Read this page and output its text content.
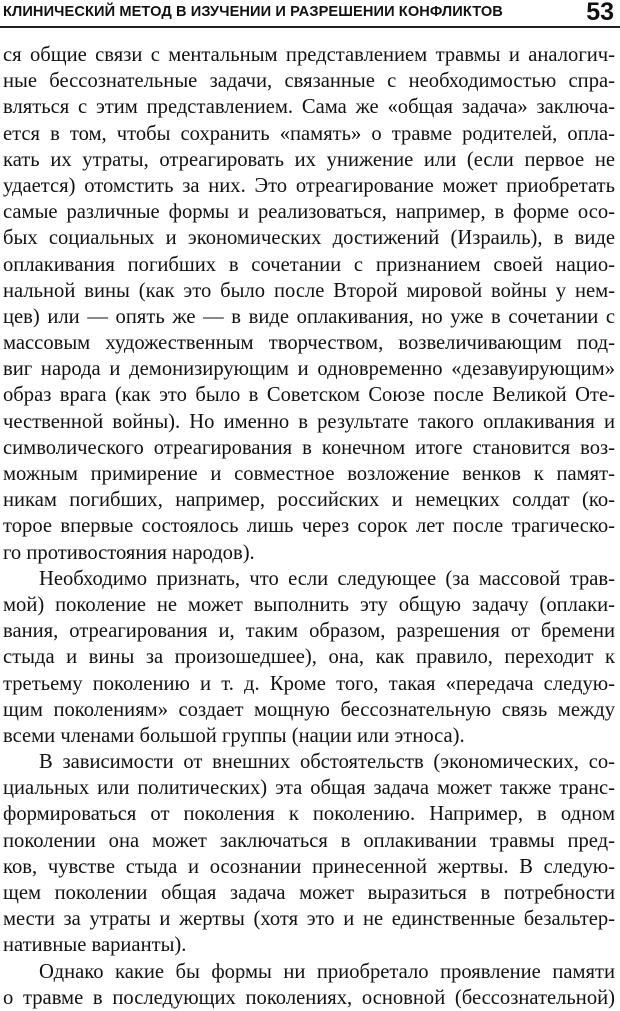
КЛИНИЧЕСКИЙ МЕТОД В ИЗУЧЕНИИ И РАЗРЕШЕНИИ КОНФЛИКТОВ	53
ся общие связи с ментальным представлением травмы и аналогич-
ные бессознательные задачи, связанные с необходимостью спра-
вляться с этим представлением. Сама же «общая задача» заключа-
ется в том, чтобы сохранить «память» о травме родителей, опла-
кать их утраты, отреагировать их унижение или (если первое не
удается) отомстить за них. Это отреагирование может приобретать
самые различные формы и реализоваться, например, в форме осо-
бых социальных и экономических достижений (Израиль), в виде
оплакивания погибших в сочетании с признанием своей нацио-
нальной вины (как это было после Второй мировой войны у нем-
цев) или — опять же — в виде оплакивания, но уже в сочетании с
массовым художественным творчеством, возвеличивающим под-
виг народа и демонизирующим и одновременно «дезавуирующим»
образ врага (как это было в Советском Союзе после Великой Оте-
чественной войны). Но именно в результате такого оплакивания и
символического отреагирования в конечном итоге становится воз-
можным примирение и совместное возложение венков к памят-
никам погибших, например, российских и немецких солдат (ко-
торое впервые состоялось лишь через сорок лет после трагическо-
го противостояния народов).
Необходимо признать, что если следующее (за массовой трав-
мой) поколение не может выполнить эту общую задачу (оплаки-
вания, отреагирования и, таким образом, разрешения от бремени
стыда и вины за произошедшее), она, как правило, переходит к
третьему поколению и т. д. Кроме того, такая «передача следую-
щим поколениям» создает мощную бессознательную связь между
всеми членами большой группы (нации или этноса).
В зависимости от внешних обстоятельств (экономических, со-
циальных или политических) эта общая задача может также транс-
формироваться от поколения к поколению. Например, в одном
поколении она может заключаться в оплакивании травмы пред-
ков, чувстве стыда и осознании принесенной жертвы. В следую-
щем поколении общая задача может выразиться в потребности
мести за утраты и жертвы (хотя это и не единственные безальтер-
нативные варианты).
Однако какие бы формы ни приобретало проявление памяти
о травме в последующих поколениях, основной (бессознательной)
